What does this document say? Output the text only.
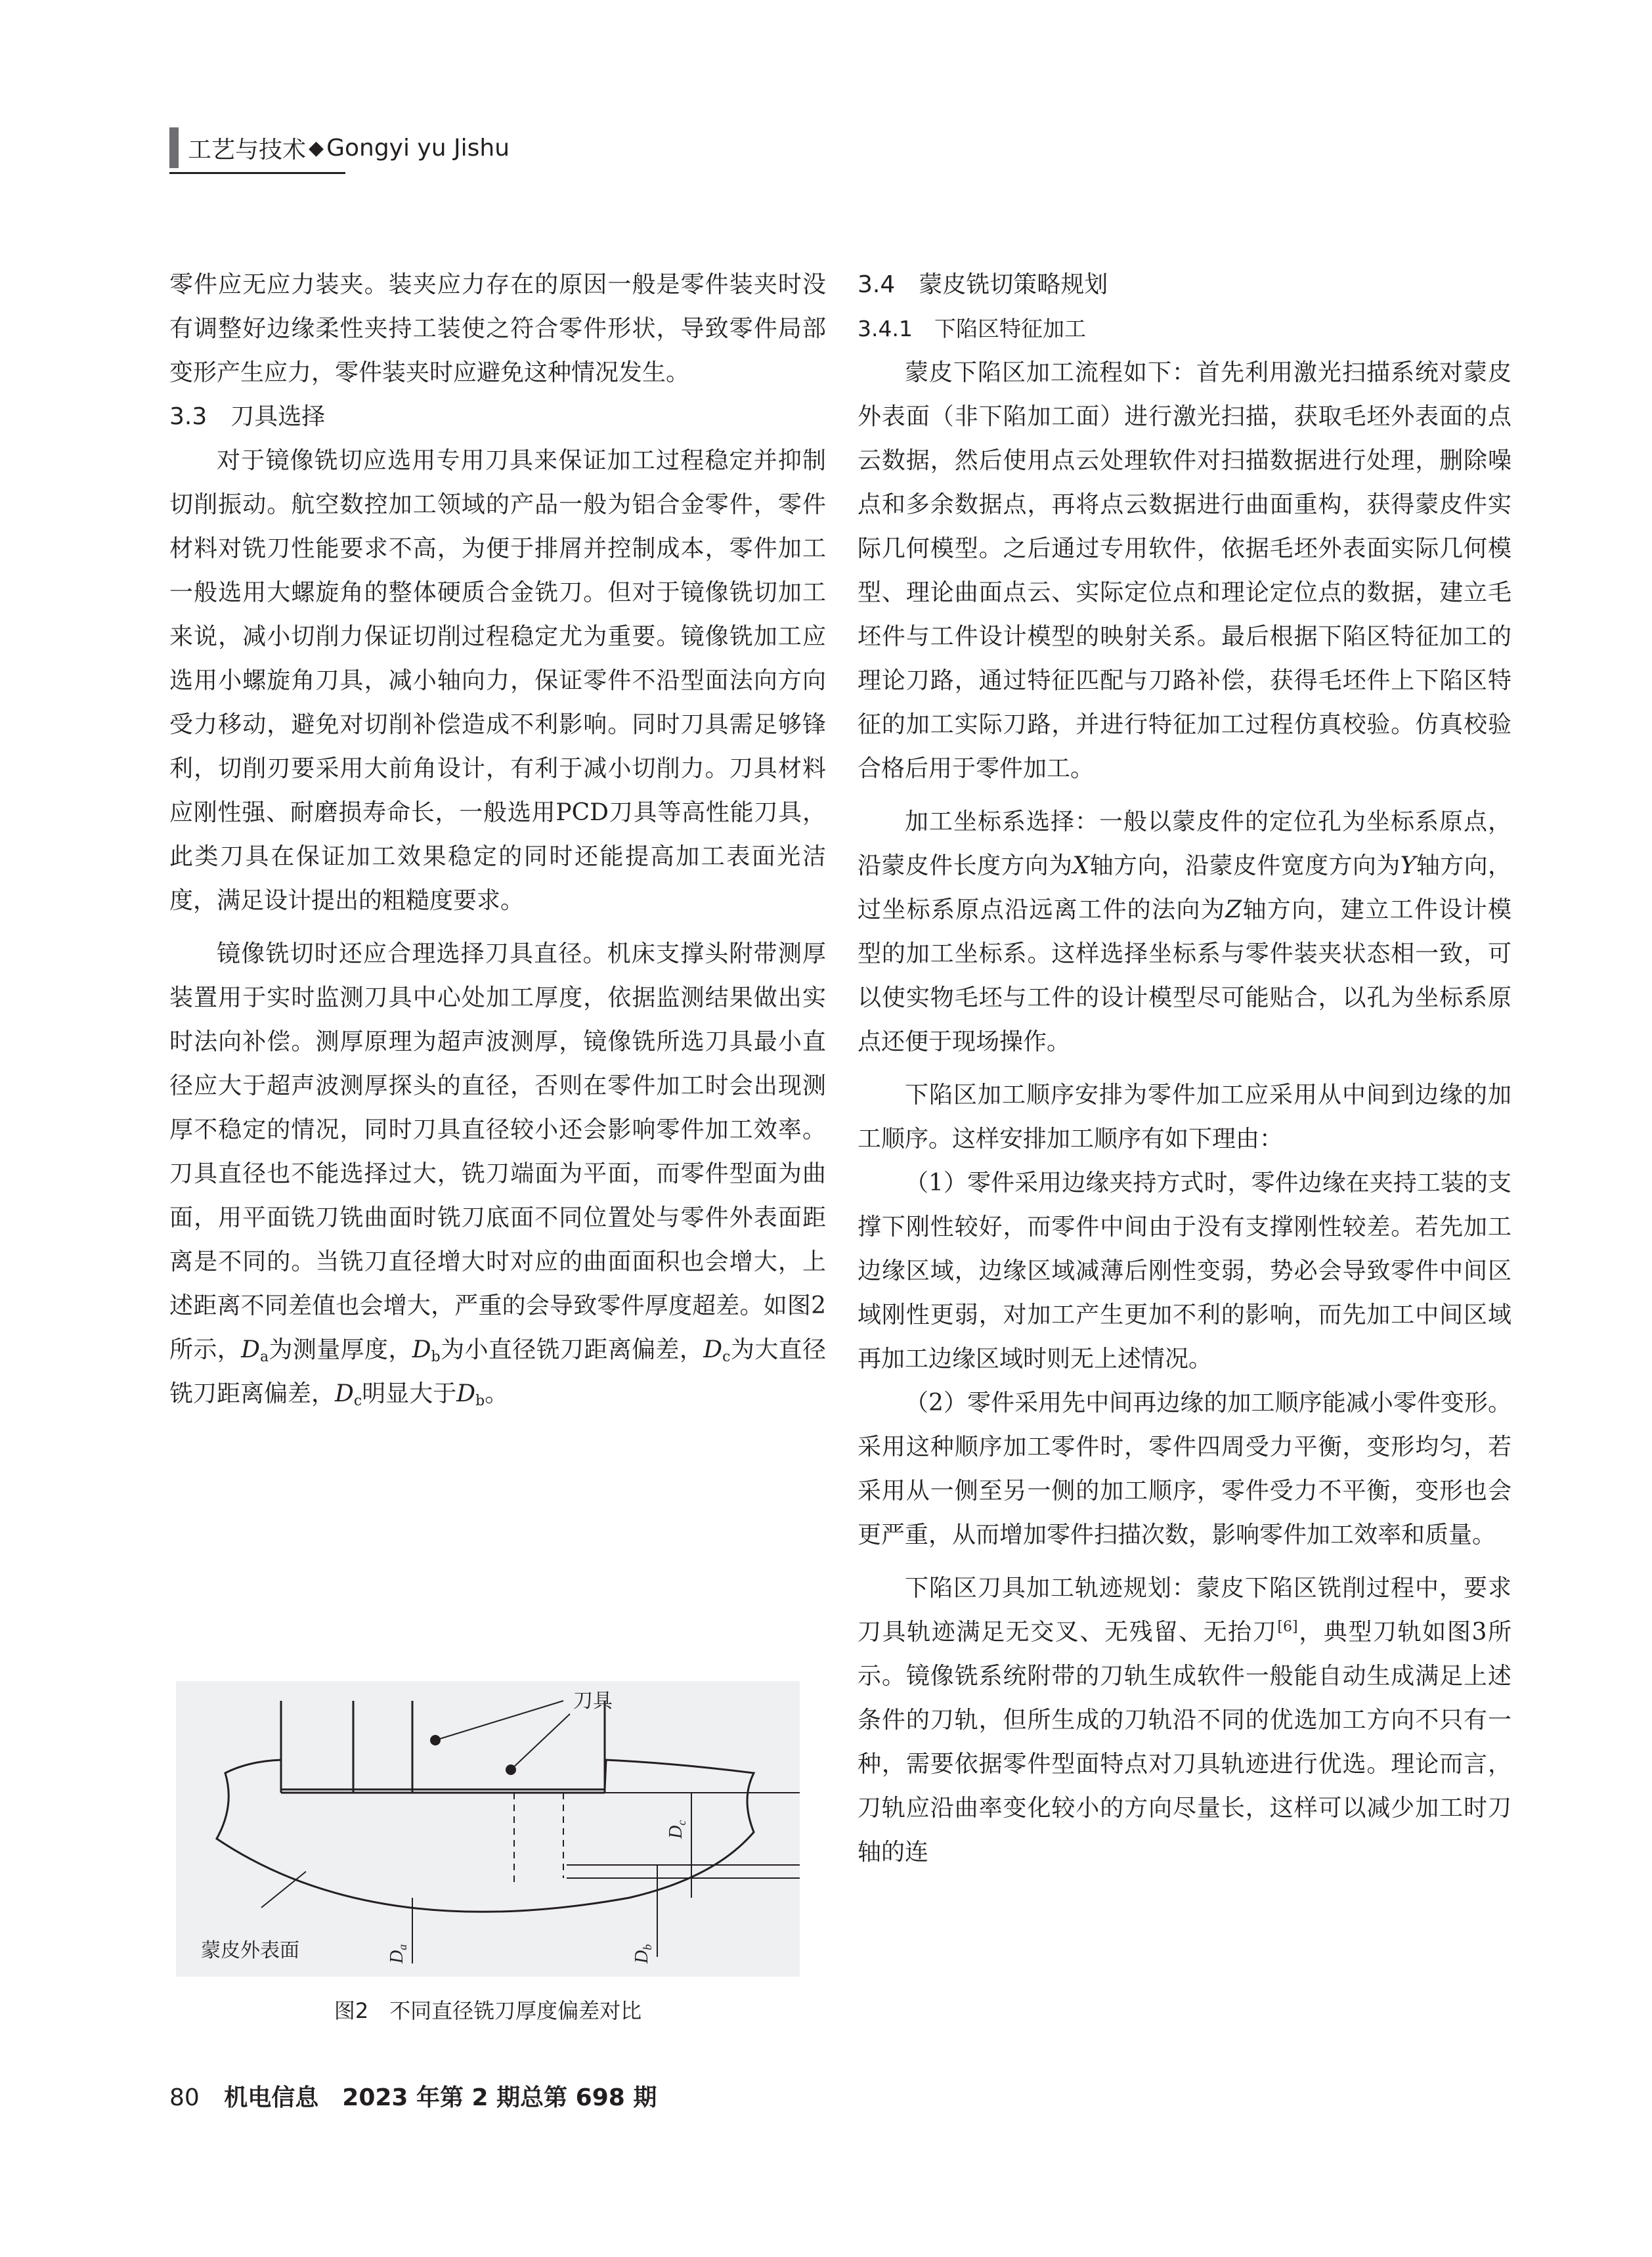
工艺与技术 ◆ Gongyi yu Jishu

零件应无应力装夹。装夹应力存在的原因一般是零件装夹时没有调整好边缘柔性夹持工装使之符合零件形状，导致零件局部变形产生应力，零件装夹时应避免这种情况发生。

3.3　刀具选择

对于镜像铣切应选用专用刀具来保证加工过程稳定并抑制切削振动。航空数控加工领域的产品一般为铝合金零件，零件材料对铣刀性能要求不高，为便于排屑并控制成本，零件加工一般选用大螺旋角的整体硬质合金铣刀。但对于镜像铣切加工来说，减小切削力保证切削过程稳定尤为重要。镜像铣加工应选用小螺旋角刀具，减小轴向力，保证零件不沿型面法向方向受力移动，避免对切削补偿造成不利影响。同时刀具需足够锋利，切削刃要采用大前角设计，有利于减小切削力。刀具材料应刚性强、耐磨损寿命长，一般选用PCD刀具等高性能刀具，此类刀具在保证加工效果稳定的同时还能提高加工表面光洁度，满足设计提出的粗糙度要求。

镜像铣切时还应合理选择刀具直径。机床支撑头附带测厚装置用于实时监测刀具中心处加工厚度，依据监测结果做出实时法向补偿。测厚原理为超声波测厚，镜像铣所选刀具最小直径应大于超声波测厚探头的直径，否则在零件加工时会出现测厚不稳定的情况，同时刀具直径较小还会影响零件加工效率。刀具直径也不能选择过大，铣刀端面为平面，而零件型面为曲面，用平面铣刀铣曲面时铣刀底面不同位置处与零件外表面距离是不同的。当铣刀直径增大时对应的曲面面积也会增大，上述距离不同差值也会增大，严重的会导致零件厚度超差。如图2所示，$D_a$为测量厚度，$D_b$为小直径铣刀距离偏差，$D_c$为大直径铣刀距离偏差，$D_c$明显大于$D_b$。

刀具
蒙皮外表面
$D_c$
$D_a$
$D_b$
图2　不同直径铣刀厚度偏差对比
3.4　蒙皮铣切策略规划
3.4.1　下陷区特征加工

蒙皮下陷区加工流程如下：首先利用激光扫描系统对蒙皮外表面（非下陷加工面）进行激光扫描，获取毛坯外表面的点云数据，然后使用点云处理软件对扫描数据进行处理，删除噪点和多余数据点，再将点云数据进行曲面重构，获得蒙皮件实际几何模型。之后通过专用软件，依据毛坯外表面实际几何模型、理论曲面点云、实际定位点和理论定位点的数据，建立毛坯件与工件设计模型的映射关系。最后根据下陷区特征加工的理论刀路，通过特征匹配与刀路补偿，获得毛坯件上下陷区特征的加工实际刀路，并进行特征加工过程仿真校验。仿真校验合格后用于零件加工。

加工坐标系选择：一般以蒙皮件的定位孔为坐标系原点，沿蒙皮件长度方向为X轴方向，沿蒙皮件宽度方向为Y轴方向，过坐标系原点沿远离工件的法向为Z轴方向，建立工件设计模型的加工坐标系。这样选择坐标系与零件装夹状态相一致，可以使实物毛坯与工件的设计模型尽可能贴合，以孔为坐标系原点还便于现场操作。

下陷区加工顺序安排为零件加工应采用从中间到边缘的加工顺序。这样安排加工顺序有如下理由：

（1）零件采用边缘夹持方式时，零件边缘在夹持工装的支撑下刚性较好，而零件中间由于没有支撑刚性较差。若先加工边缘区域，边缘区域减薄后刚性变弱，势必会导致零件中间区域刚性更弱，对加工产生更加不利的影响，而先加工中间区域再加工边缘区域时则无上述情况。

（2）零件采用先中间再边缘的加工顺序能减小零件变形。采用这种顺序加工零件时，零件四周受力平衡，变形均匀，若采用从一侧至另一侧的加工顺序，零件受力不平衡，变形也会更严重，从而增加零件扫描次数，影响零件加工效率和质量。

下陷区刀具加工轨迹规划：蒙皮下陷区铣削过程中，要求刀具轨迹满足无交叉、无残留、无抬刀[6]，典型刀轨如图3所示。镜像铣系统附带的刀轨生成软件一般能自动生成满足上述条件的刀轨，但所生成的刀轨沿不同的优选加工方向不只有一种，需要依据零件型面特点对刀具轨迹进行优选。理论而言，刀轨应沿曲率变化较小的方向尽量长，这样可以减少加工时刀轴的连

80 机电信息 2023 年第 2 期总第 698 期
